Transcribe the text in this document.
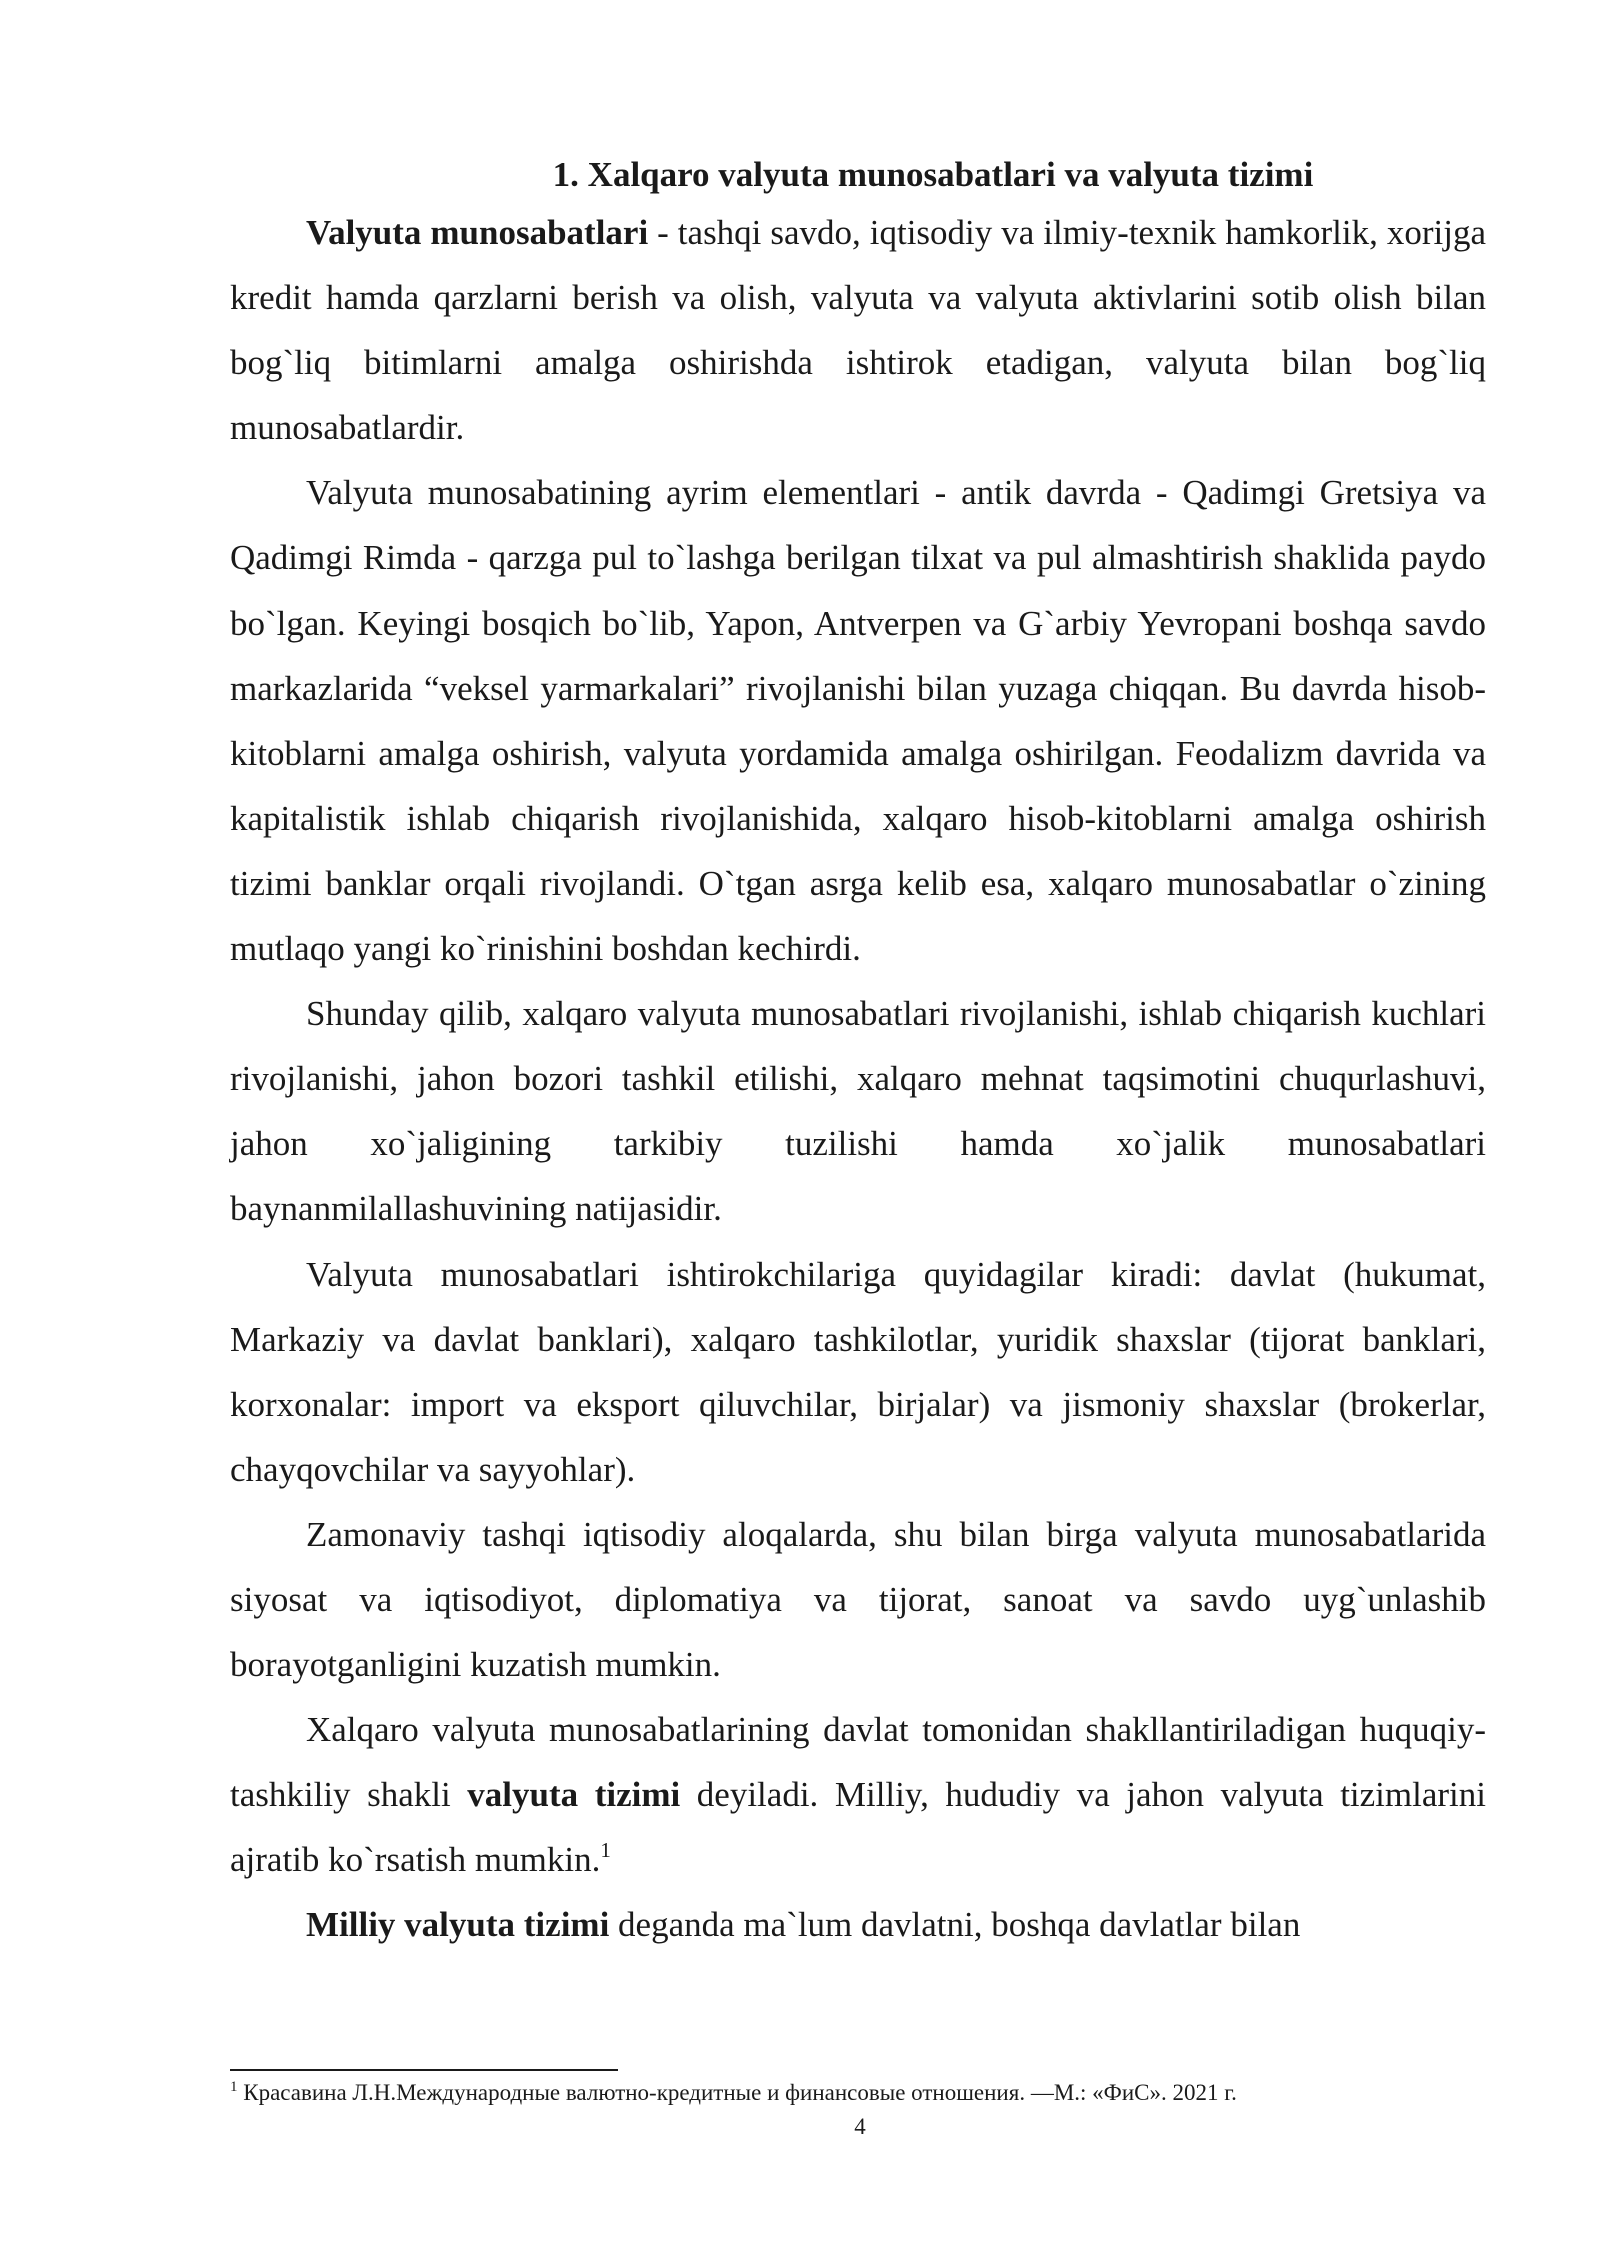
1. Xalqaro valyuta munosabatlari va valyuta tizimi

Valyuta munosabatlari - tashqi savdo, iqtisodiy va ilmiy-texnik hamkorlik, xorijga kredit hamda qarzlarni berish va olish, valyuta va valyuta aktivlarini sotib olish bilan bog`liq bitimlarni amalga oshirishda ishtirok etadigan, valyuta bilan bog`liq munosabatlardir.

Valyuta munosabatining ayrim elementlari - antik davrda - Qadimgi Gretsiya va Qadimgi Rimda - qarzga pul to`lashga berilgan tilxat va pul almashtirish shaklida paydo bo`lgan. Keyingi bosqich bo`lib, Yapon, Antverpen va G`arbiy Yevropani boshqa savdo markazlarida “veksel yarmarkalari” rivojlanishi bilan yuzaga chiqqan. Bu davrda hisob-kitoblarni amalga oshirish, valyuta yordamida amalga oshirilgan. Feodalizm davrida va kapitalistik ishlab chiqarish rivojlanishida, xalqaro hisob-kitoblarni amalga oshirish tizimi banklar orqali rivojlandi. O`tgan asrga kelib esa, xalqaro munosabatlar o`zining mutlaqo yangi ko`rinishini boshdan kechirdi.

Shunday qilib, xalqaro valyuta munosabatlari rivojlanishi, ishlab chiqarish kuchlari rivojlanishi, jahon bozori tashkil etilishi, xalqaro mehnat taqsimotini chuqurlashuvi, jahon xo`jaligining tarkibiy tuzilishi hamda xo`jalik munosabatlari baynanmilallashuvining natijasidir.

Valyuta munosabatlari ishtirokchilariga quyidagilar kiradi: davlat (hukumat, Markaziy va davlat banklari), xalqaro tashkilotlar, yuridik shaxslar (tijorat banklari, korxonalar: import va eksport qiluvchilar, birjalar) va jismoniy shaxslar (brokerlar, chayqovchilar va sayyohlar).

Zamonaviy tashqi iqtisodiy aloqalarda, shu bilan birga valyuta munosabatlarida siyosat va iqtisodiyot, diplomatiya va tijorat, sanoat va savdo uyg`unlashib borayotganligini kuzatish mumkin.

Xalqaro valyuta munosabatlarining davlat tomonidan shakllantiriladigan huquqiy-tashkiliy shakli valyuta tizimi deyiladi. Milliy, hududiy va jahon valyuta tizimlarini ajratib ko`rsatish mumkin.$^1$

Milliy valyuta tizimi deganda ma`lum davlatni, boshqa davlatlar bilan

$^1$ Красавина Л.Н.Международные валютно-кредитные и финансовые отношения. —М.: «ФиС». 2021 г.

4
